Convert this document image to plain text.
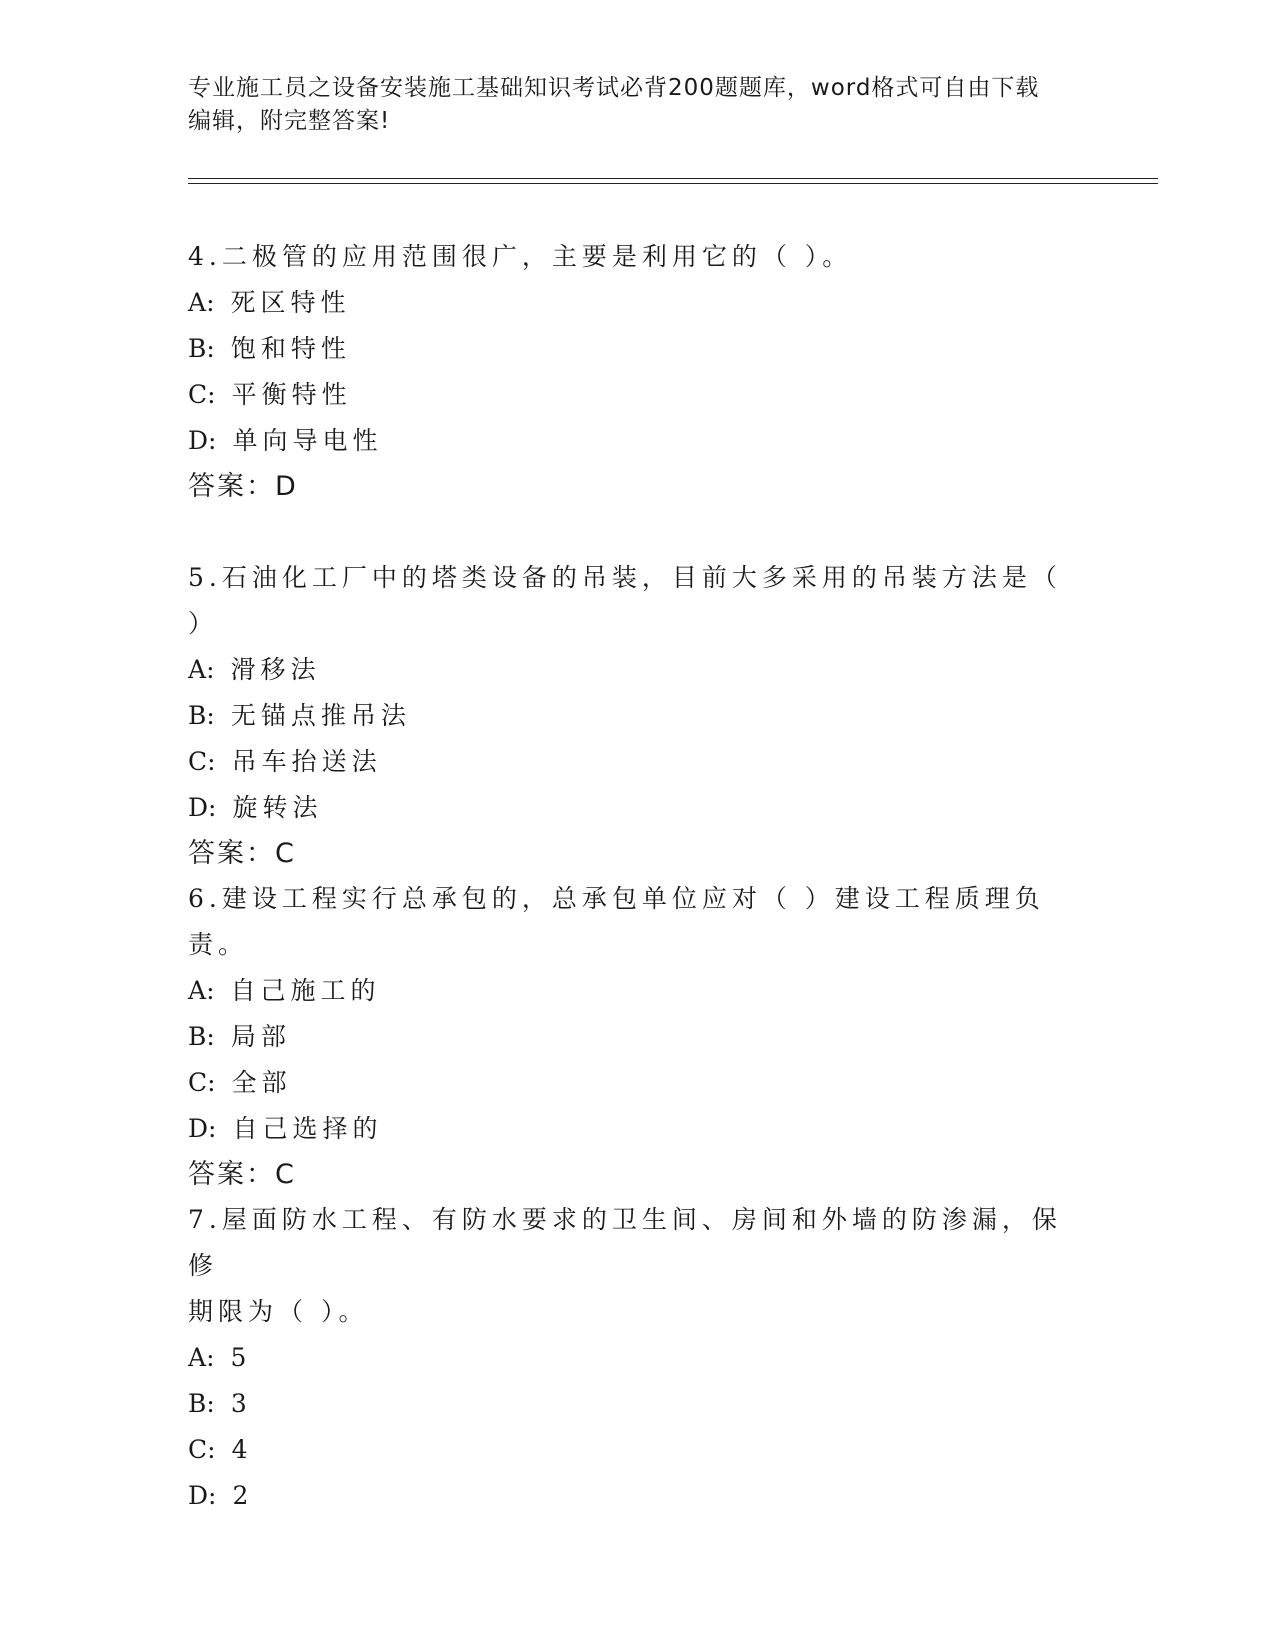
专业施工员之设备安装施工基础知识考试必背200题题库，word格式可自由下载
编辑，附完整答案!
4.二极管的应用范围很广，主要是利用它的（ ）。
A: 死区特性
B: 饱和特性
C: 平衡特性
D: 单向导电性
答案：D
5.石油化工厂中的塔类设备的吊装，目前大多采用的吊装方法是（ ）
A: 滑移法
B: 无锚点推吊法
C: 吊车抬送法
D: 旋转法
答案：C
6.建设工程实行总承包的，总承包单位应对（ ）建设工程质理负责。
A: 自己施工的
B: 局部
C: 全部
D: 自己选择的
答案：C
7.屋面防水工程、有防水要求的卫生间、房间和外墙的防渗漏，保修
期限为（ ）。
A: 5
B: 3
C: 4
D: 2
